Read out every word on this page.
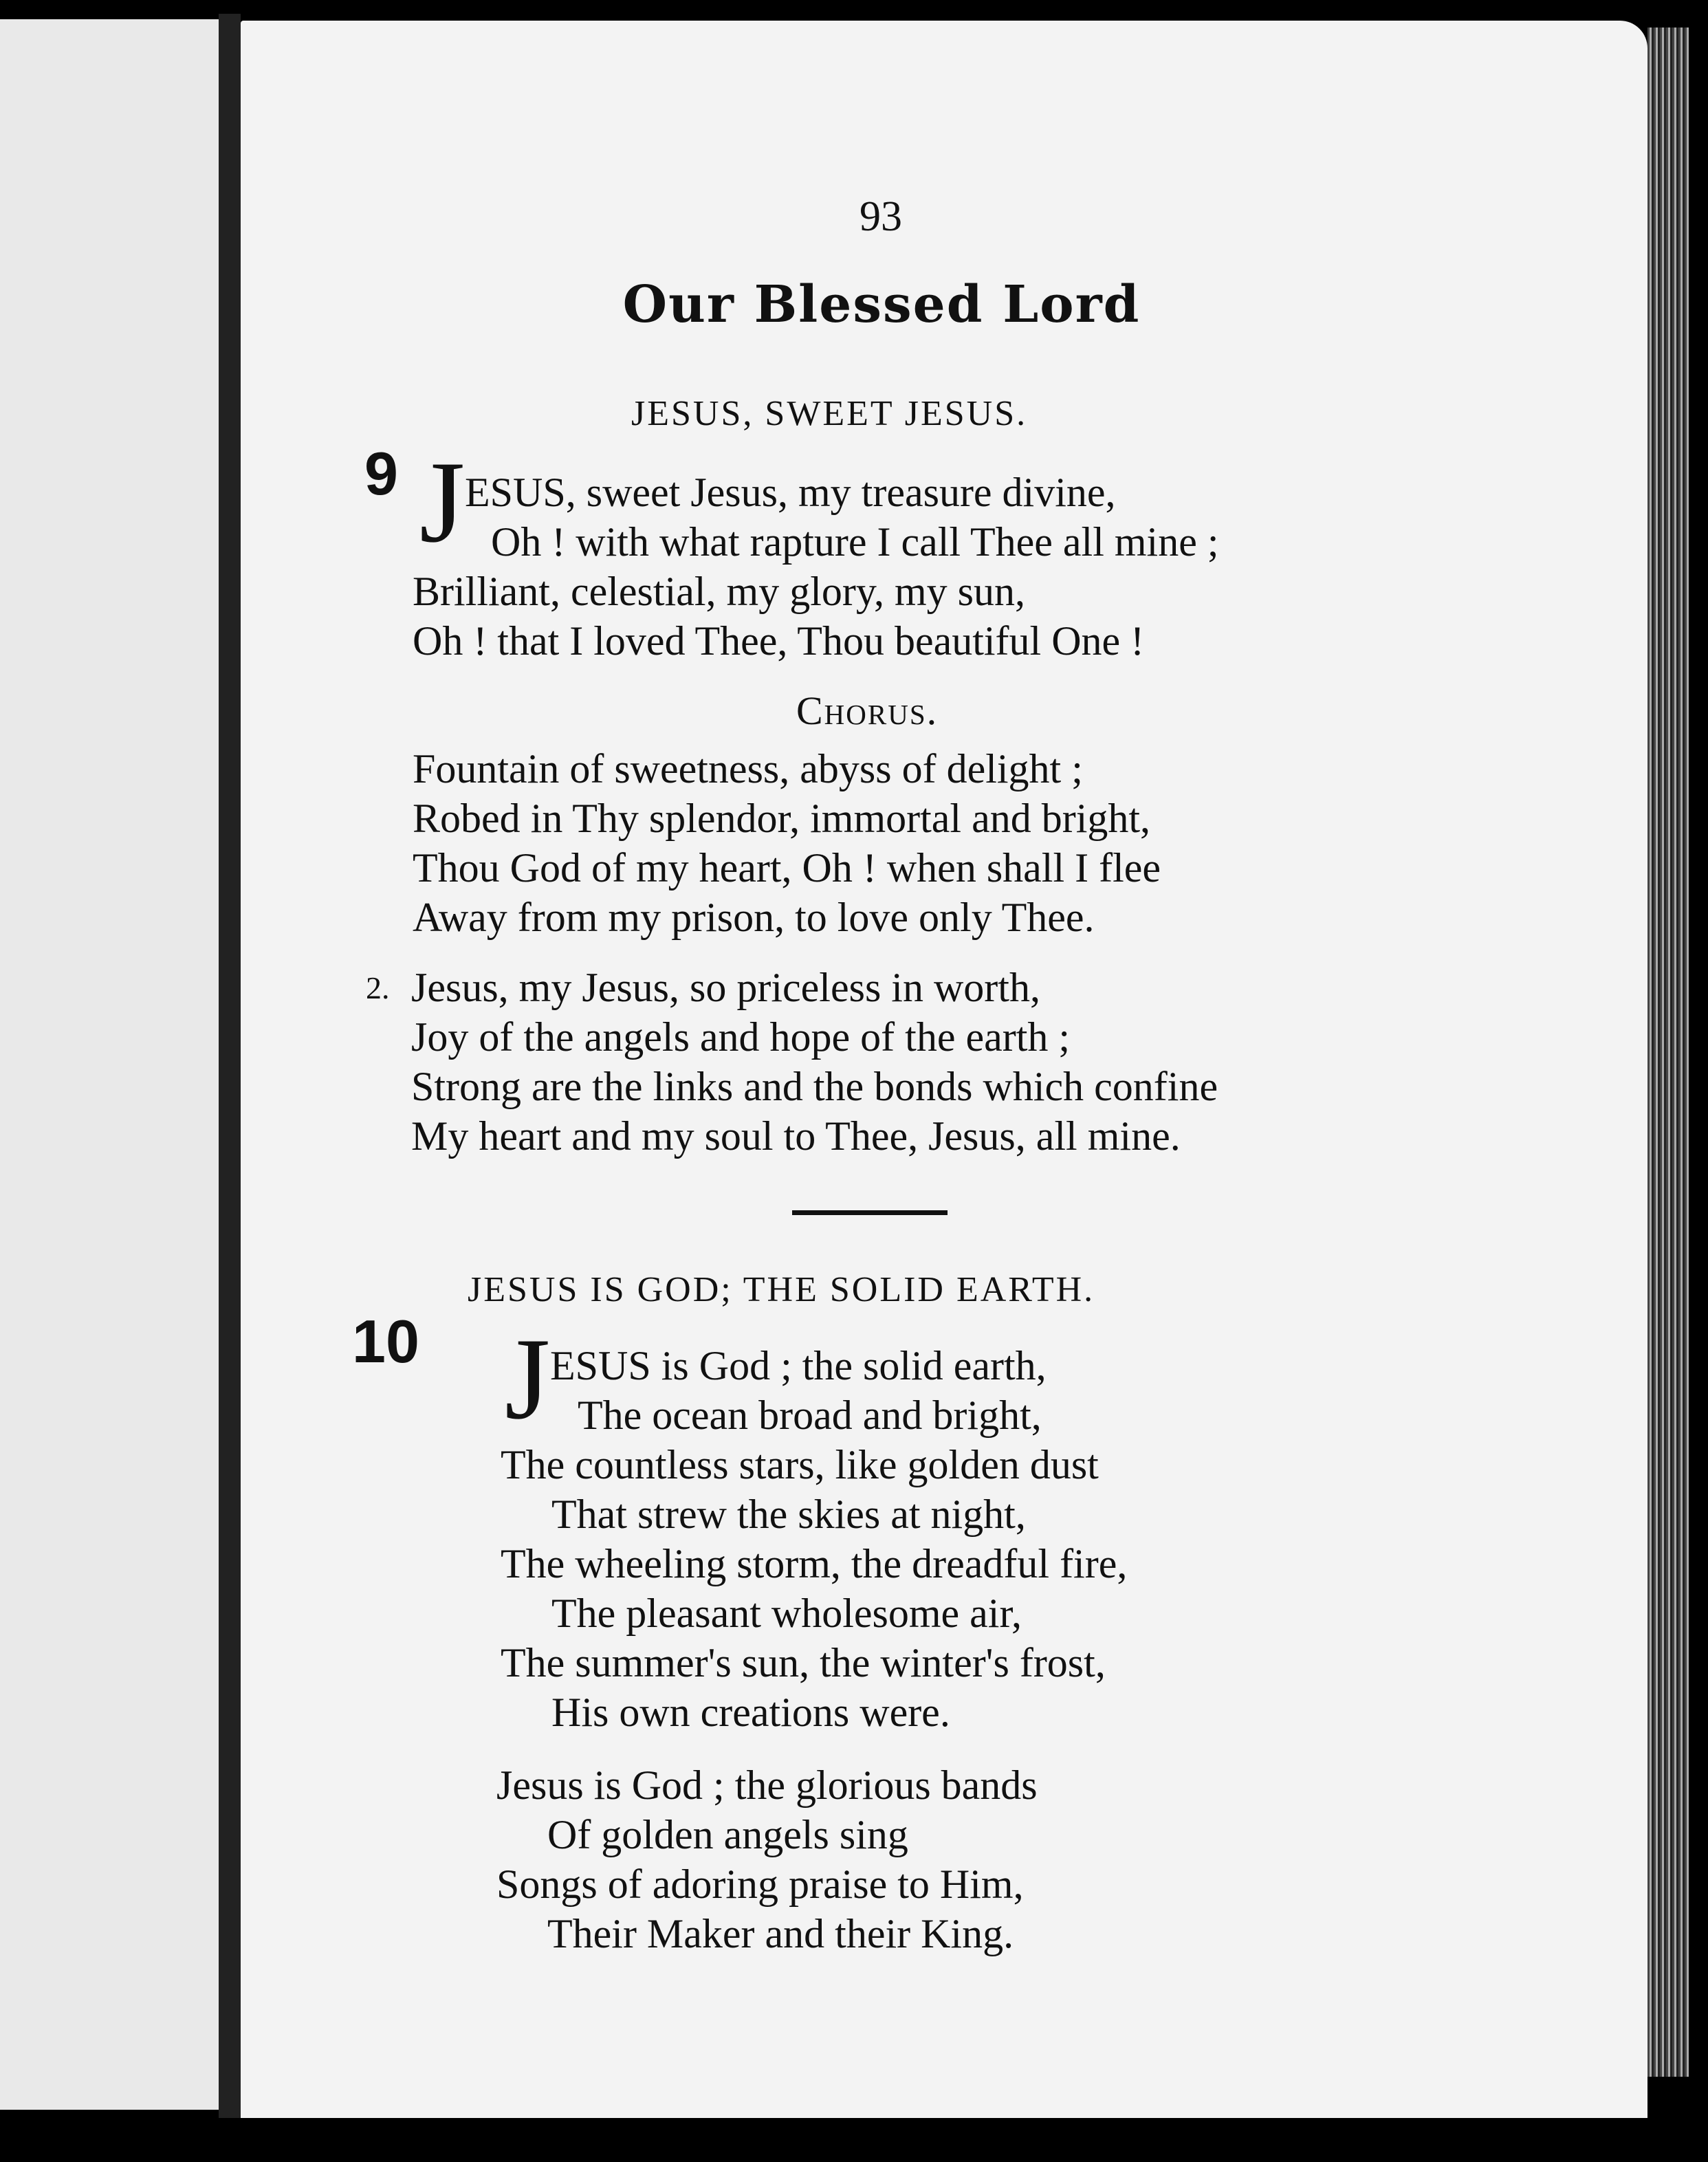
93
Our Blessed Lord
JESUS, SWEET JESUS.
9 J ESUS, sweet Jesus, my treasure divine,
Oh ! with what rapture I call Thee all mine ;
Brilliant, celestial, my glory, my sun,
Oh ! that I loved Thee, Thou beautiful One !
Chorus.
Fountain of sweetness, abyss of delight ;
Robed in Thy splendor, immortal and bright,
Thou God of my heart, Oh ! when shall I flee
Away from my prison, to love only Thee.
2. Jesus, my Jesus, so priceless in worth,
Joy of the angels and hope of the earth ;
Strong are the links and the bonds which confine
My heart and my soul to Thee, Jesus, all mine.
JESUS IS GOD; THE SOLID EARTH.
10 J ESUS is God ; the solid earth,
The ocean broad and bright,
The countless stars, like golden dust
That strew the skies at night,
The wheeling storm, the dreadful fire,
The pleasant wholesome air,
The summer's sun, the winter's frost,
His own creations were.
Jesus is God ; the glorious bands
Of golden angels sing
Songs of adoring praise to Him,
Their Maker and their King.
